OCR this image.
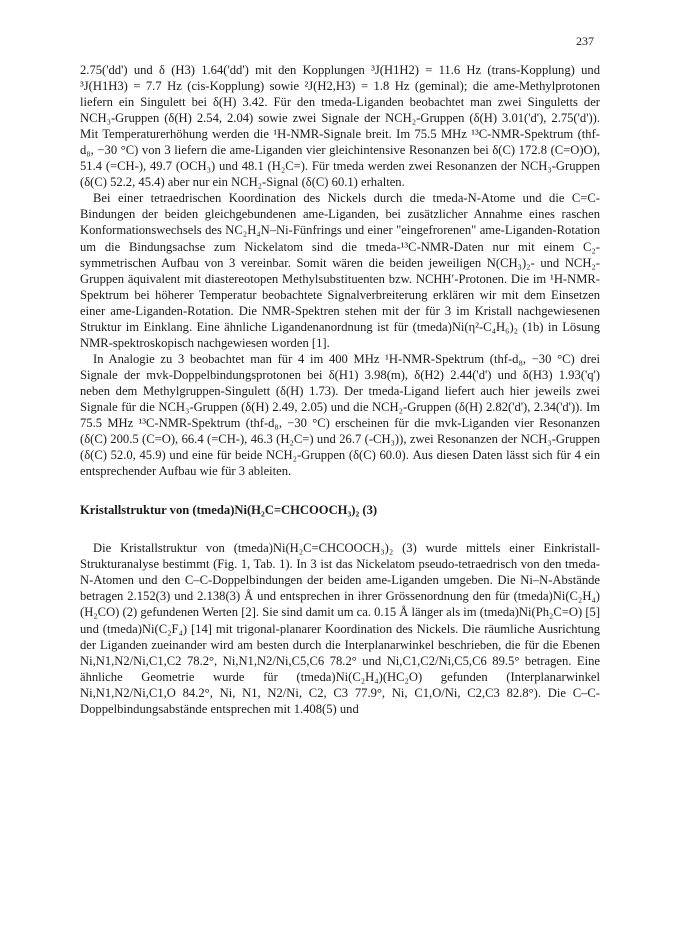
237

2.75('dd') und δ (H3) 1.64('dd') mit den Kopplungen ³J(H1H2) = 11.6 Hz (trans-Kopplung) und ³J(H1H3) = 7.7 Hz (cis-Kopplung) sowie ²J(H2,H3) = 1.8 Hz (geminal); die ame-Methylprotonen liefern ein Singulett bei δ(H) 3.42. Für den tmeda-Liganden beobachtet man zwei Singuletts der NCH₃-Gruppen (δ(H) 2.54, 2.04) sowie zwei Signale der NCH₂-Gruppen (δ(H) 3.01('d'), 2.75('d')). Mit Temperaturerhöhung werden die ¹H-NMR-Signale breit. Im 75.5 MHz ¹³C-NMR-Spektrum (thf-d₈, −30 °C) von 3 liefern die ame-Liganden vier gleichintensive Resonanzen bei δ(C) 172.8 (C=O)O), 51.4 (=CH-), 49.7 (OCH₃) und 48.1 (H₂C=). Für tmeda werden zwei Resonanzen der NCH₃-Gruppen (δ(C) 52.2, 45.4) aber nur ein NCH₂-Signal (δ(C) 60.1) erhalten.

Bei einer tetraedrischen Koordination des Nickels durch die tmeda-N-Atome und die C=C-Bindungen der beiden gleichgebundenen ame-Liganden, bei zusätzlicher Annahme eines raschen Konformationswechsels des NC₂H₄N–Ni-Fünfrings und einer "eingefrorenen" ame-Liganden-Rotation um die Bindungsachse zum Nickelatom sind die tmeda-¹³C-NMR-Daten nur mit einem C₂-symmetrischen Aufbau von 3 vereinbar. Somit wären die beiden jeweiligen N(CH₃)₂- und NCH₂-Gruppen äquivalent mit diastereotopen Methylsubstituenten bzw. NCHH′-Protonen. Die im ¹H-NMR-Spektrum bei höherer Temperatur beobachtete Signalverbreiterung erklären wir mit dem Einsetzen einer ame-Liganden-Rotation. Die NMR-Spektren stehen mit der für 3 im Kristall nachgewiesenen Struktur im Einklang. Eine ähnliche Ligandenanordnung ist für (tmeda)Ni(η²-C₄H₆)₂ (1b) in Lösung NMR-spektroskopisch nachgewiesen worden [1].

In Analogie zu 3 beobachtet man für 4 im 400 MHz ¹H-NMR-Spektrum (thf-d₈, −30 °C) drei Signale der mvk-Doppelbindungsprotonen bei δ(H1) 3.98(m), δ(H2) 2.44('d') und δ(H3) 1.93('q') neben dem Methylgruppen-Singulett (δ(H) 1.73). Der tmeda-Ligand liefert auch hier jeweils zwei Signale für die NCH₃-Gruppen (δ(H) 2.49, 2.05) und die NCH₂-Gruppen (δ(H) 2.82('d'), 2.34('d')). Im 75.5 MHz ¹³C-NMR-Spektrum (thf-d₈, −30 °C) erscheinen für die mvk-Liganden vier Resonanzen (δ(C) 200.5 (C=O), 66.4 (=CH-), 46.3 (H₂C=) und 26.7 (-CH₃)), zwei Resonanzen der NCH₃-Gruppen (δ(C) 52.0, 45.9) und eine für beide NCH₂-Gruppen (δ(C) 60.0). Aus diesen Daten lässt sich für 4 ein entsprechender Aufbau wie für 3 ableiten.

Kristallstruktur von (tmeda)Ni(H₂C=CHCOOCH₃)₂ (3)

Die Kristallstruktur von (tmeda)Ni(H₂C=CHCOOCH₃)₂ (3) wurde mittels einer Einkristall-Strukturanalyse bestimmt (Fig. 1, Tab. 1). In 3 ist das Nickelatom pseudo-tetraedrisch von den tmeda-N-Atomen und den C–C-Doppelbindungen der beiden ame-Liganden umgeben. Die Ni–N-Abstände betragen 2.152(3) und 2.138(3) Å und entsprechen in ihrer Grössenordnung den für (tmeda)Ni(C₂H₄)(H₂CO) (2) gefundenen Werten [2]. Sie sind damit um ca. 0.15 Å länger als im (tmeda)Ni(Ph₂C=O) [5] und (tmeda)Ni(C₂F₄) [14] mit trigonal-planarer Koordination des Nickels. Die räumliche Ausrichtung der Liganden zueinander wird am besten durch die Interplanarwinkel beschrieben, die für die Ebenen Ni,N1,N2/Ni,C1,C2 78.2°, Ni,N1,N2/Ni,C5,C6 78.2° und Ni,C1,C2/Ni,C5,C6 89.5° betragen. Eine ähnliche Geometrie wurde für (tmeda)Ni(C₂H₄)(HC₂O) gefunden (Interplanarwinkel Ni,N1,N2/Ni,C1,O 84.2°, Ni, N1, N2/Ni, C2, C3 77.9°, Ni, C1,O/Ni, C2,C3 82.8°). Die C–C-Doppelbindungsabstände entsprechen mit 1.408(5) und
